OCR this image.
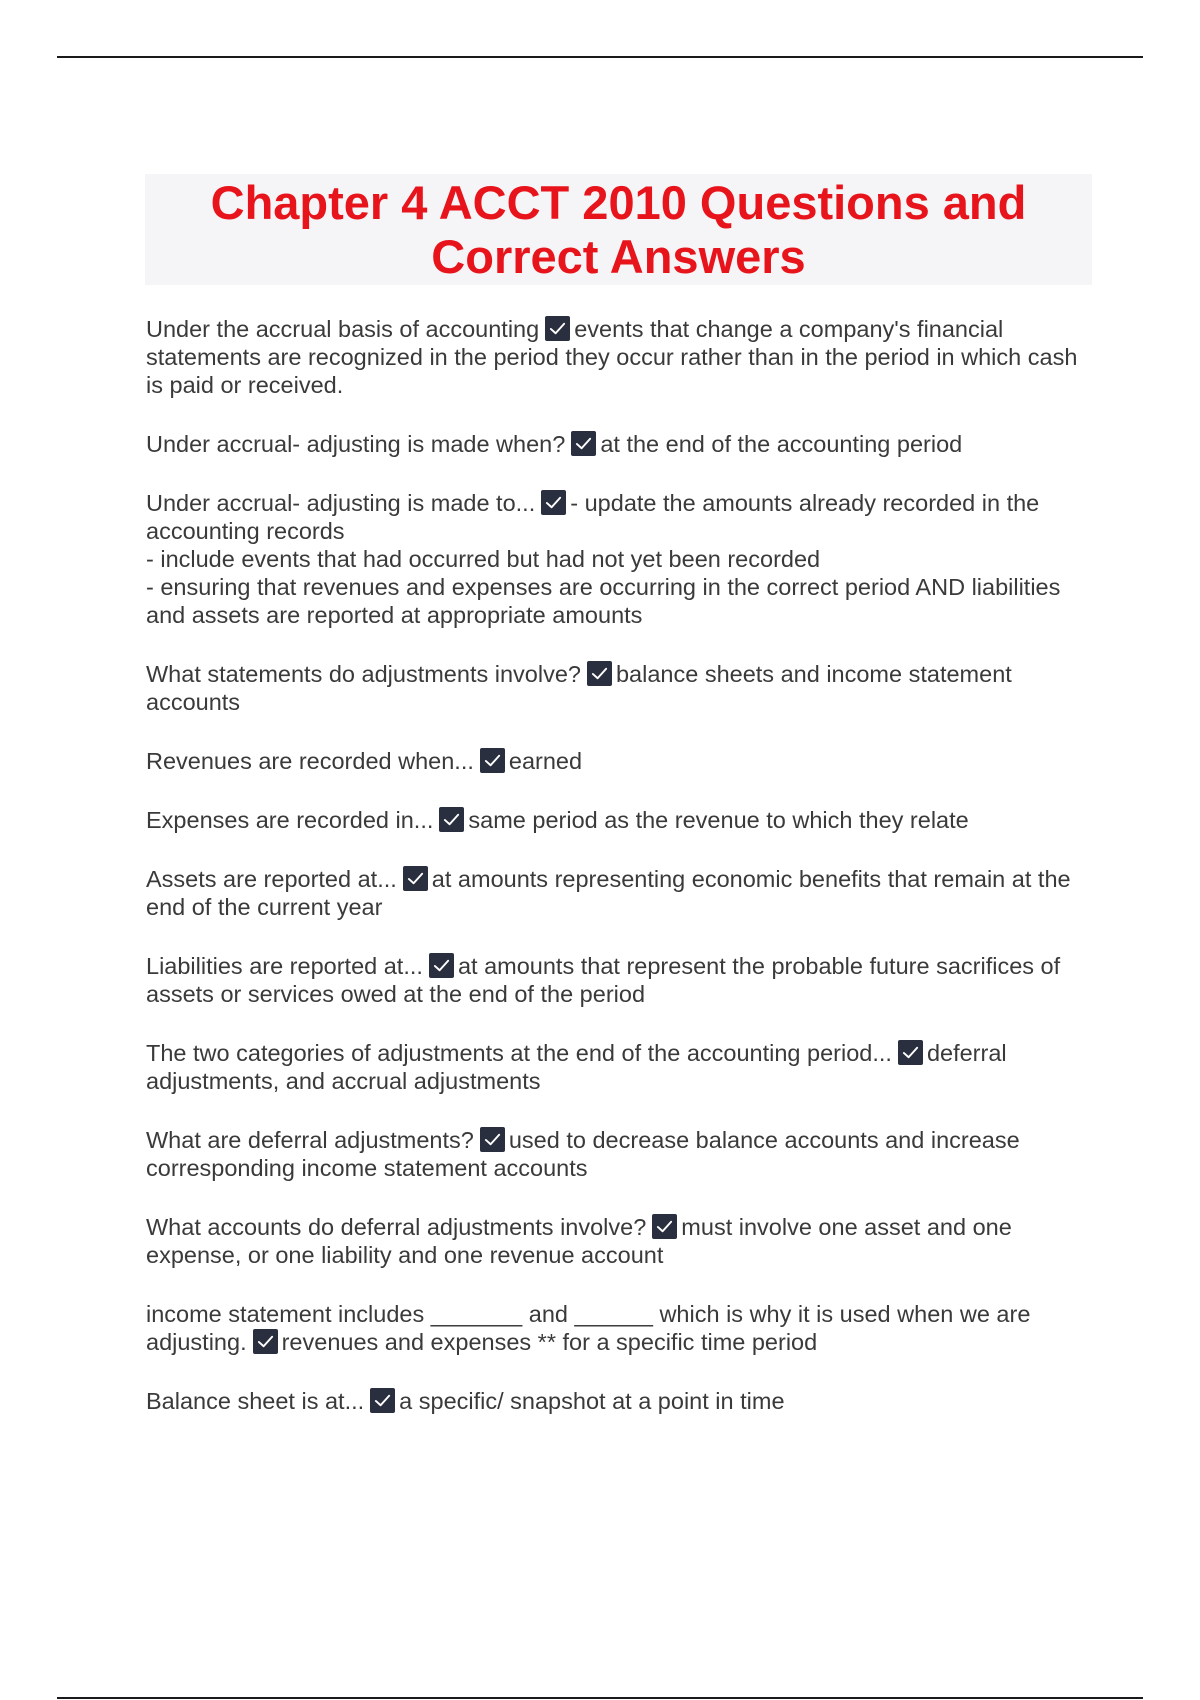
Chapter 4 ACCT 2010 Questions and Correct Answers
Under the accrual basis of accounting events that change a company's financial statements are recognized in the period they occur rather than in the period in which cash is paid or received.
Under accrual- adjusting is made when? at the end of the accounting period
Under accrual- adjusting is made to... - update the amounts already recorded in the accounting records
- include events that had occurred but had not yet been recorded
- ensuring that revenues and expenses are occurring in the correct period AND liabilities and assets are reported at appropriate amounts
What statements do adjustments involve? balance sheets and income statement accounts
Revenues are recorded when... earned
Expenses are recorded in... same period as the revenue to which they relate
Assets are reported at... at amounts representing economic benefits that remain at the end of the current year
Liabilities are reported at... at amounts that represent the probable future sacrifices of assets or services owed at the end of the period
The two categories of adjustments at the end of the accounting period... deferral adjustments, and accrual adjustments
What are deferral adjustments? used to decrease balance accounts and increase corresponding income statement accounts
What accounts do deferral adjustments involve? must involve one asset and one expense, or one liability and one revenue account
income statement includes _______ and ______ which is why it is used when we are adjusting. revenues and expenses ** for a specific time period
Balance sheet is at... a specific/ snapshot at a point in time
